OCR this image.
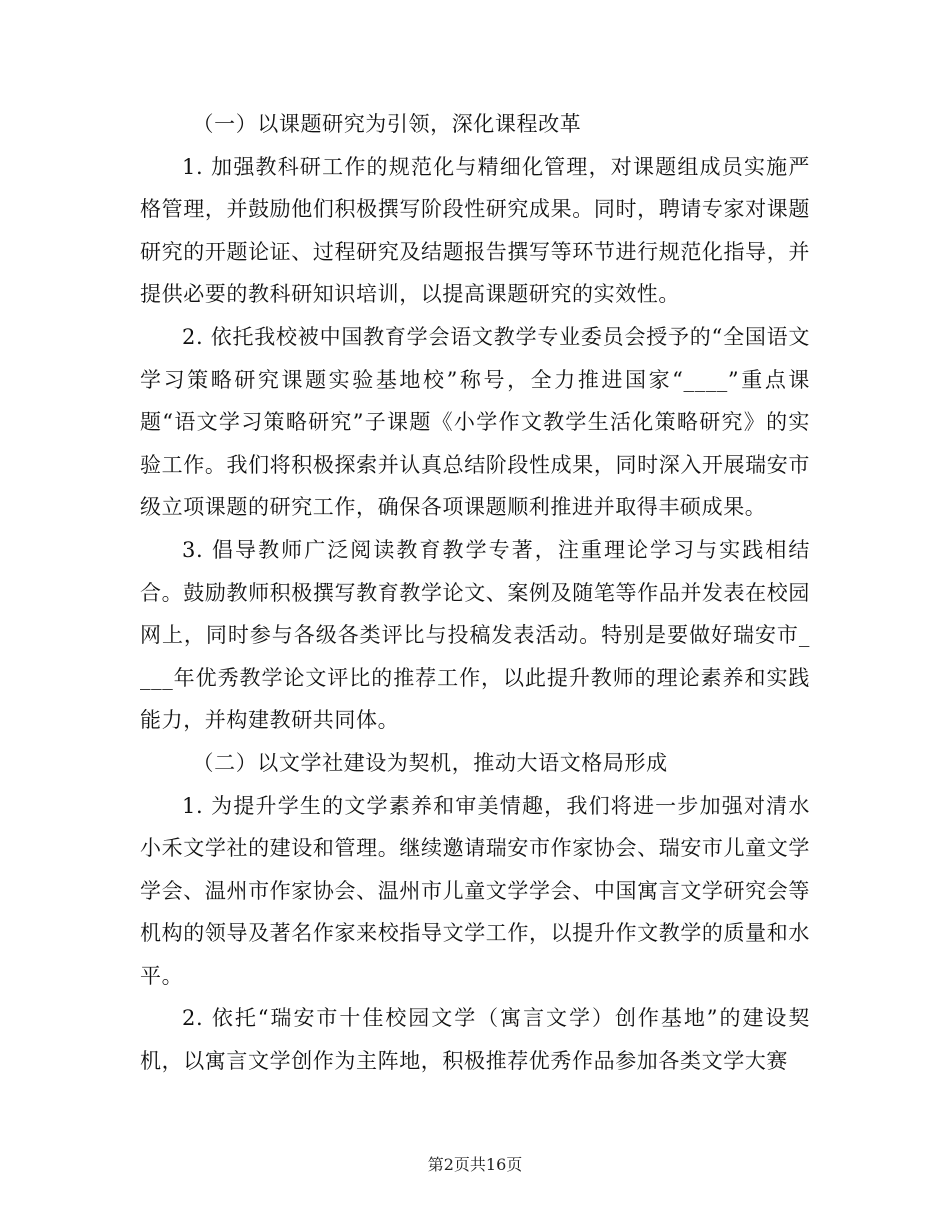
（一）以课题研究为引领，深化课程改革

1. 加强教科研工作的规范化与精细化管理，对课题组成员实施严格管理，并鼓励他们积极撰写阶段性研究成果。同时，聘请专家对课题研究的开题论证、过程研究及结题报告撰写等环节进行规范化指导，并提供必要的教科研知识培训，以提高课题研究的实效性。

2. 依托我校被中国教育学会语文教学专业委员会授予的“全国语文学习策略研究课题实验基地校”称号，全力推进国家“____”重点课题“语文学习策略研究”子课题《小学作文教学生活化策略研究》的实验工作。我们将积极探索并认真总结阶段性成果，同时深入开展瑞安市级立项课题的研究工作，确保各项课题顺利推进并取得丰硕成果。

3. 倡导教师广泛阅读教育教学专著，注重理论学习与实践相结合。鼓励教师积极撰写教育教学论文、案例及随笔等作品并发表在校园网上，同时参与各级各类评比与投稿发表活动。特别是要做好瑞安市____年优秀教学论文评比的推荐工作，以此提升教师的理论素养和实践能力，并构建教研共同体。

（二）以文学社建设为契机，推动大语文格局形成

1. 为提升学生的文学素养和审美情趣，我们将进一步加强对清水小禾文学社的建设和管理。继续邀请瑞安市作家协会、瑞安市儿童文学学会、温州市作家协会、温州市儿童文学学会、中国寓言文学研究会等机构的领导及著名作家来校指导文学工作，以提升作文教学的质量和水平。

2. 依托“瑞安市十佳校园文学（寓言文学）创作基地”的建设契机，以寓言文学创作为主阵地，积极推荐优秀作品参加各类文学大赛

第2页共16页
